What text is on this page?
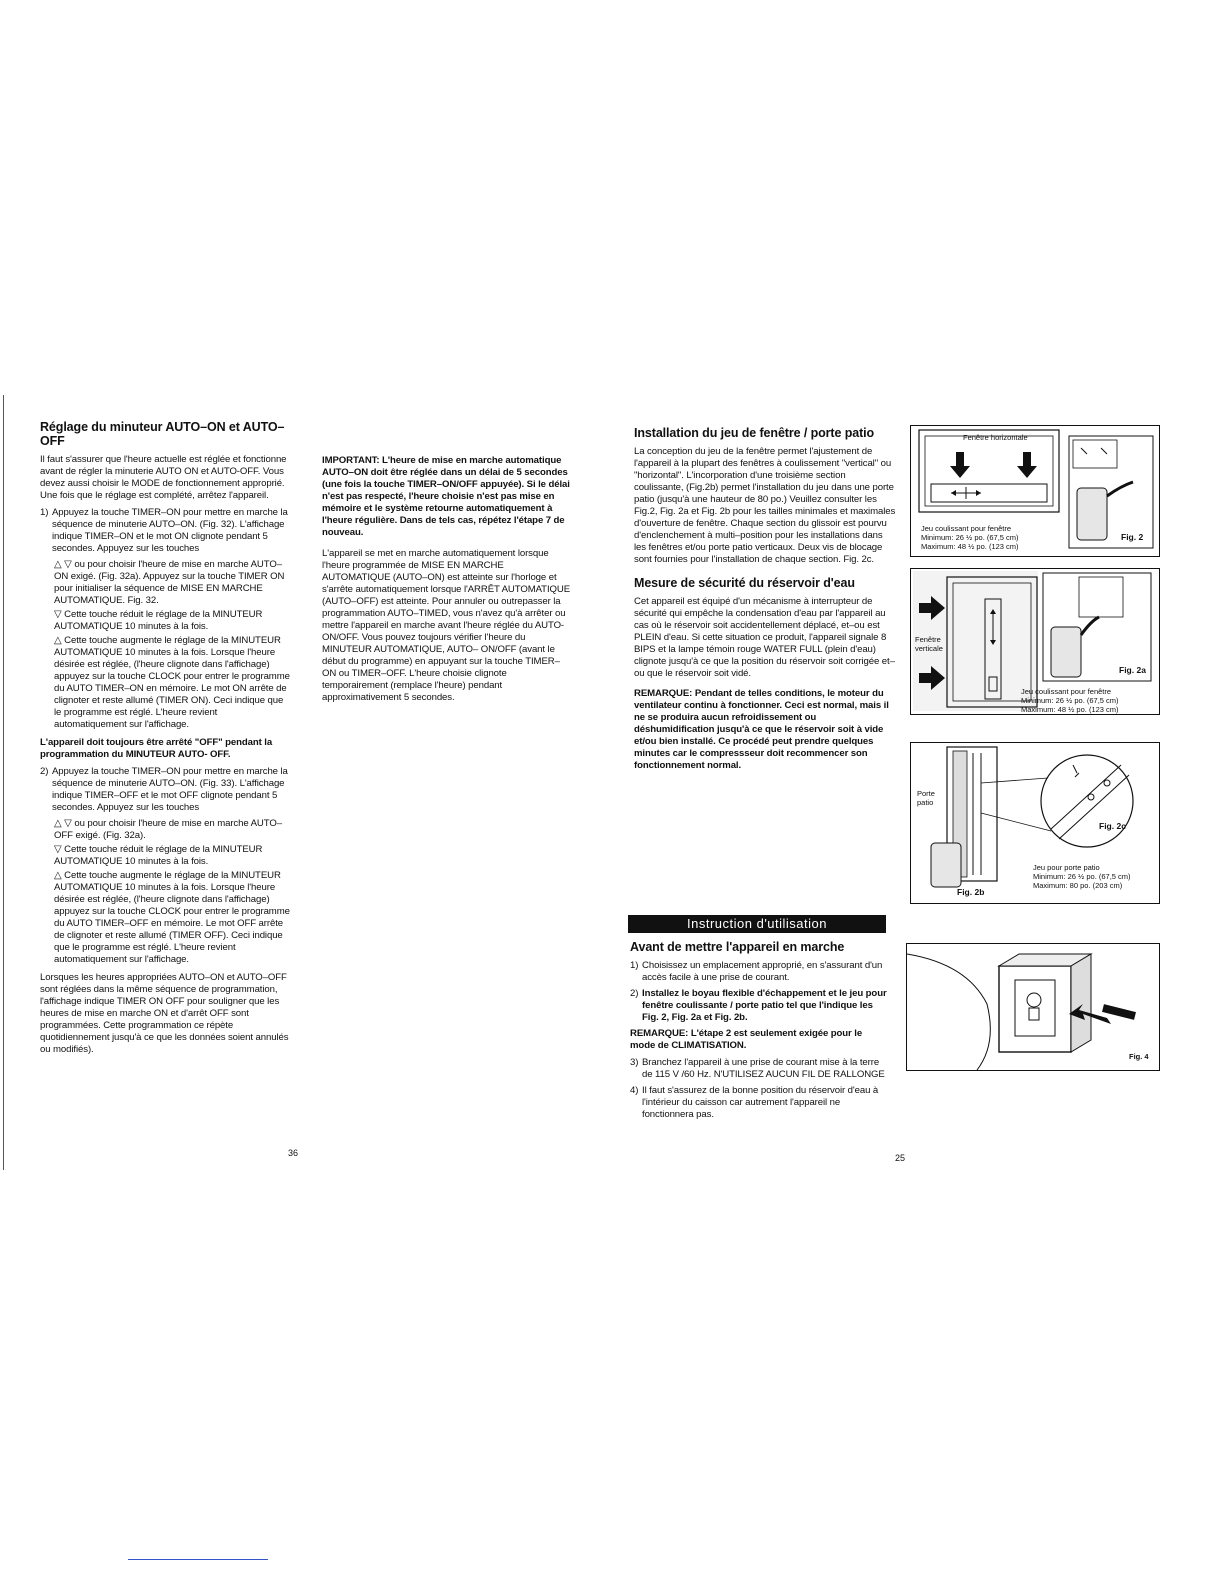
Réglage du minuteur AUTO–ON et AUTO–OFF

Il faut s'assurer que l'heure actuelle est réglée et fonctionne avant de régler la minuterie AUTO ON et AUTO-OFF. Vous devez aussi choisir le MODE de fonctionnement approprié. Une fois que le réglage est complété, arrêtez l'appareil.

1) Appuyez la touche TIMER–ON pour mettre en marche la séquence de minuterie AUTO–ON. (Fig. 32). L'affichage indique TIMER–ON et le mot ON clignote pendant 5 secondes. Appuyez sur les touches
△ ▽ ou pour choisir l'heure de mise en marche AUTO–ON exigé. (Fig. 32a). Appuyez sur la touche TIMER ON pour initialiser la séquence de MISE EN MARCHE AUTOMATIQUE. Fig. 32.
▽ Cette touche réduit le réglage de la MINUTEUR AUTOMATIQUE 10 minutes à la fois.
△ Cette touche augmente le réglage de la MINUTEUR AUTOMATIQUE 10 minutes à la fois. Lorsque l'heure désirée est réglée, (l'heure clignote dans l'affichage) appuyez sur la touche CLOCK pour entrer le programme du AUTO TIMER–ON en mémoire. Le mot ON arrête de clignoter et reste allumé (TIMER ON). Ceci indique que le programme est réglé. L'heure revient automatiquement sur l'affichage.

L'appareil doit toujours être arrêté "OFF" pendant la programmation du MINUTEUR AUTO- OFF.

2) Appuyez la touche TIMER–ON pour mettre en marche la séquence de minuterie AUTO–ON. (Fig. 33). L'affichage indique TIMER–OFF et le mot OFF clignote pendant 5 secondes. Appuyez sur les touches
△ ▽ ou pour choisir l'heure de mise en marche AUTO–OFF exigé. (Fig. 32a).
▽ Cette touche réduit le réglage de la MINUTEUR AUTOMATIQUE 10 minutes à la fois.
△ Cette touche augmente le réglage de la MINUTEUR AUTOMATIQUE 10 minutes à la fois. Lorsque l'heure désirée est réglée, (l'heure clignote dans l'affichage) appuyez sur la touche CLOCK pour entrer le programme du AUTO TIMER–OFF en mémoire. Le mot OFF arrête de clignoter et reste allumé (TIMER OFF). Ceci indique que le programme est réglé. L'heure revient automatiquement sur l'affichage.

Lorsques les heures appropriées AUTO–ON et AUTO–OFF sont réglées dans la même séquence de programmation, l'affichage indique TIMER ON OFF pour souligner que les heures de mise en marche ON et d'arrêt OFF sont programmées. Cette programmation ce répète quotidiennement jusqu'à ce que les données soient annulés ou modifiés).

36

IMPORTANT: L'heure de mise en marche automatique AUTO–ON doit être réglée dans un délai de 5 secondes (une fois la touche TIMER–ON/OFF appuyée). Si le délai n'est pas respecté, l'heure choisie n'est pas mise en mémoire et le système retourne automatiquement à l'heure régulière. Dans de tels cas, répétez l'étape 7 de nouveau.

L'appareil se met en marche automatiquement lorsque l'heure programmée de MISE EN MARCHE AUTOMATIQUE (AUTO–ON) est atteinte sur l'horloge et s'arrête automatiquement lorsque l'ARRÊT AUTOMATIQUE (AUTO–OFF) est atteinte. Pour annuler ou outrepasser la programmation AUTO–TIMED, vous n'avez qu'à arrêter ou mettre l'appareil en marche avant l'heure réglée du AUTO-ON/OFF. Vous pouvez toujours vérifier l'heure du MINUTEUR AUTOMATIQUE, AUTO– ON/OFF (avant le début du programme) en appuyant sur la touche TIMER–ON ou TIMER–OFF. L'heure choisie clignote temporairement (remplace l'heure) pendant approximativement 5 secondes.

Installation du jeu de fenêtre / porte patio

La conception du jeu de la fenêtre permet l'ajustement de l'appareil à la plupart des fenêtres à coulissement "vertical" ou "horizontal". L'incorporation d'une troisième section coulissante, (Fig.2b) permet l'installation du jeu dans une porte patio (jusqu'à une hauteur de 80 po.) Veuillez consulter les Fig.2, Fig. 2a et Fig. 2b pour les tailles minimales et maximales d'ouverture de fenêtre. Chaque section du glissoir est pourvu d'enclenchement à multi–position pour les installations dans les fenêtres et/ou porte patio verticaux. Deux vis de blocage sont fournies pour l'installation de chaque section. Fig. 2c.

Mesure de sécurité du réservoir d'eau

Cet appareil est équipé d'un mécanisme à interrupteur de sécurité qui empêche la condensation d'eau par l'appareil au cas où le réservoir soit accidentellement déplacé, et–ou est PLEIN d'eau. Si cette situation ce produit, l'appareil signale 8 BIPS et la lampe témoin rouge WATER FULL (plein d'eau) clignote jusqu'à ce que la position du réservoir soit corrigée et–ou que le réservoir soit vidé.

REMARQUE: Pendant de telles conditions, le moteur du ventilateur continu à fonctionner. Ceci est normal, mais il ne se produira aucun refroidissement ou déshumidification jusqu'à ce que le réservoir soit à vide et/ou bien installé. Ce procédé peut prendre quelques minutes car le compressseur doit recommencer son fonctionnement normal.

Instruction d'utilisation
Avant de mettre l'appareil en marche
1) Choisissez un emplacement approprié, en s'assurant d'un accès facile à une prise de courant.
2) Installez le boyau flexible d'échappement et le jeu pour fenêtre coulissante / porte patio tel que l'indique les Fig. 2, Fig. 2a et Fig. 2b.

REMARQUE: L'étape 2 est seulement exigée pour le mode de CLIMATISATION.

3) Branchez l'appareil à une prise de courant mise à la terre de 115 V /60 Hz. N'UTILISEZ AUCUN FIL DE RALLONGE
4) Il faut s'assurez de la bonne position du réservoir d'eau à l'intérieur du caisson car autrement l'appareil ne fonctionnera pas.
25
Fenêtre horizontale
Jeu coulissant pour fenêtre
Minimum: 26 ½ po. (67,5 cm)
Maximum: 48 ½ po. (123 cm)
Fig. 2
Fenêtre verticale
Fig. 2a
Jeu coulissant pour fenêtre
Minimum: 26 ½ po. (67,5 cm)
Maximum: 48 ½ po. (123 cm)
Porte patio
Fig. 2b
Fig. 2c
Jeu pour porte patio
Minimum: 26 ½ po. (67,5 cm)
Maximum: 80 po. (203 cm)
Fig. 4
